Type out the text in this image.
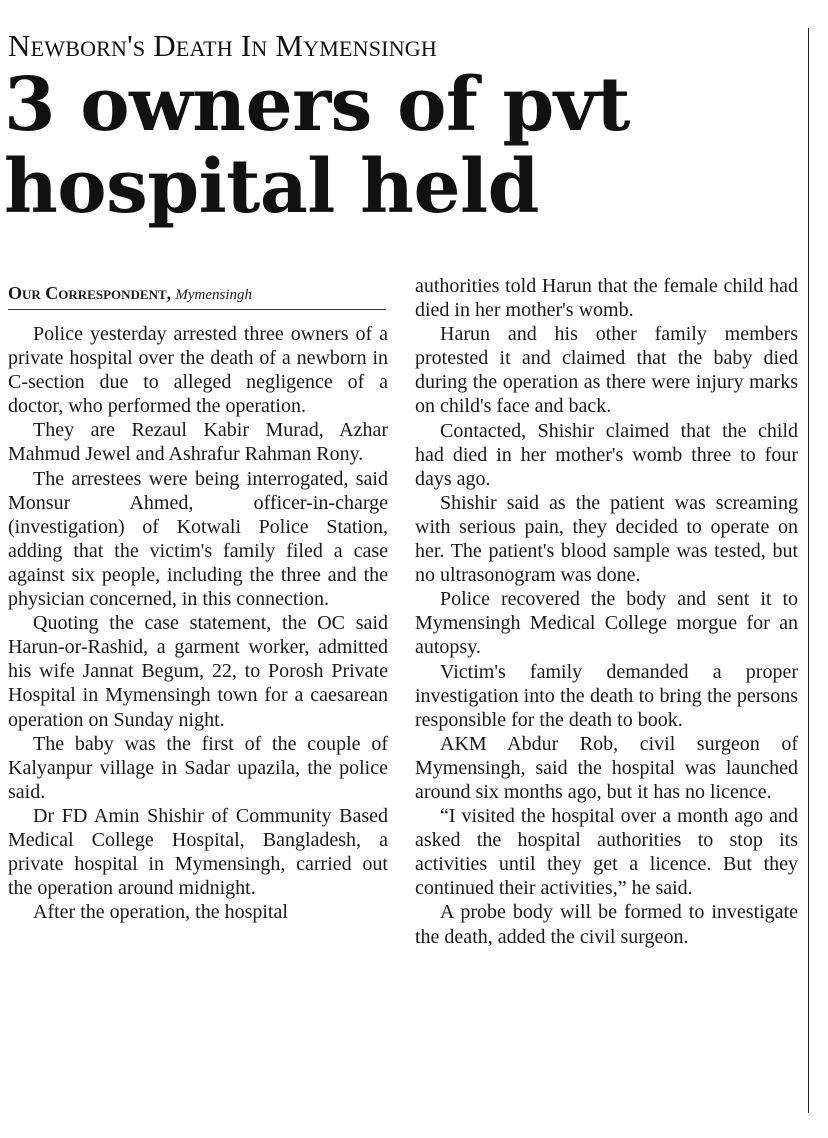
Newborn's Death In Mymensingh
3 owners of pvt hospital held
Our Correspondent, Mymensingh

Police yesterday arrested three owners of a private hospital over the death of a newborn in C-section due to alleged negligence of a doctor, who performed the operation.

They are Rezaul Kabir Murad, Azhar Mahmud Jewel and Ashrafur Rahman Rony.

The arrestees were being interrogated, said Monsur Ahmed, officer-in-charge (investigation) of Kotwali Police Station, adding that the victim's family filed a case against six people, including the three and the physician concerned, in this connection.

Quoting the case statement, the OC said Harun-or-Rashid, a garment worker, admitted his wife Jannat Begum, 22, to Porosh Private Hospital in Mymensingh town for a caesarean operation on Sunday night.

The baby was the first of the couple of Kalyanpur village in Sadar upazila, the police said.

Dr FD Amin Shishir of Community Based Medical College Hospital, Bangladesh, a private hospital in Mymensingh, carried out the operation around midnight.

After the operation, the hospital

authorities told Harun that the female child had died in her mother's womb.

Harun and his other family members protested it and claimed that the baby died during the operation as there were injury marks on child's face and back.

Contacted, Shishir claimed that the child had died in her mother's womb three to four days ago.

Shishir said as the patient was screaming with serious pain, they decided to operate on her. The patient's blood sample was tested, but no ultrasonogram was done.

Police recovered the body and sent it to Mymensingh Medical College morgue for an autopsy.

Victim's family demanded a proper investigation into the death to bring the persons responsible for the death to book.

AKM Abdur Rob, civil surgeon of Mymensingh, said the hospital was launched around six months ago, but it has no licence.

“I visited the hospital over a month ago and asked the hospital authorities to stop its activities until they get a licence. But they continued their activities,” he said.

A probe body will be formed to investigate the death, added the civil surgeon.
